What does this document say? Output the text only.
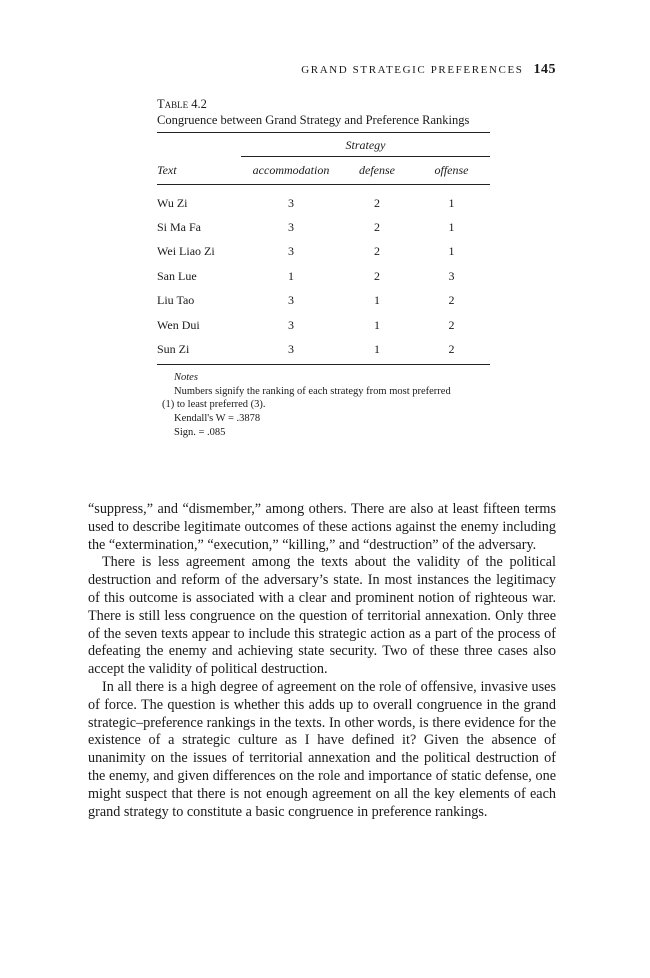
GRAND STRATEGIC PREFERENCES 145
Table 4.2
Congruence between Grand Strategy and Preference Rankings

	Strategy		
Text	accommodation	defense	offense
Wu Zi	3	2	1
Si Ma Fa	3	2	1
Wei Liao Zi	3	2	1
San Lue	1	2	3
Liu Tao	3	1	2
Wen Dui	3	1	2
Sun Zi	3	1	2
Notes
Numbers signify the ranking of each strategy from most preferred
(1) to least preferred (3).
Kendall's W = .3878
Sign. = .085

“suppress,” and “dismember,” among others. There are also at least fifteen terms used to describe legitimate outcomes of these actions against the enemy including the “extermination,” “execution,” “killing,” and “destruction” of the adversary.

There is less agreement among the texts about the validity of the political destruction and reform of the adversary’s state. In most instances the legitimacy of this outcome is associated with a clear and prominent notion of righteous war. There is still less congruence on the question of territorial annexation. Only three of the seven texts appear to include this strategic action as a part of the process of defeating the enemy and achieving state security. Two of these three cases also accept the validity of political destruction.

In all there is a high degree of agreement on the role of offensive, invasive uses of force. The question is whether this adds up to overall congruence in the grand strategic–preference rankings in the texts. In other words, is there evidence for the existence of a strategic culture as I have defined it? Given the absence of unanimity on the issues of territorial annexation and the political destruction of the enemy, and given differences on the role and importance of static defense, one might suspect that there is not enough agreement on all the key elements of each grand strategy to constitute a basic congruence in preference rankings.
